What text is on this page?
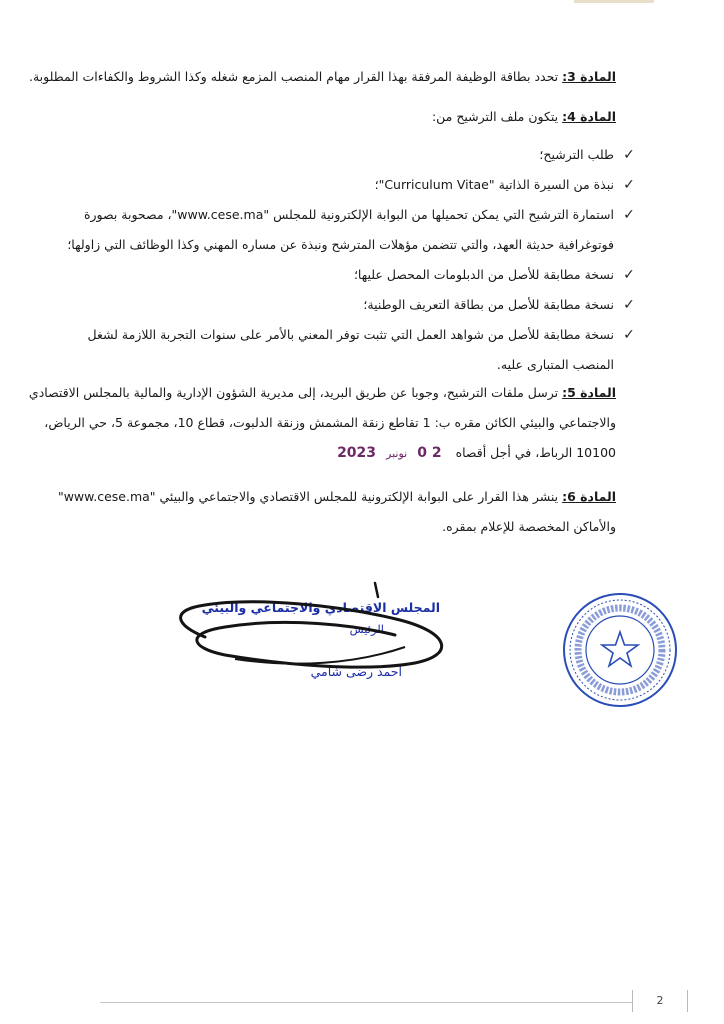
المادة 3: تحدد بطاقة الوظيفة المرفقة بهذا القرار مهام المنصب المزمع شغله وكذا الشروط والكفاءات المطلوبة.
المادة 4: يتكون ملف الترشيح من:
✓
طلب الترشيح؛
✓
نبذة من السيرة الذاتية "Curriculum Vitae"؛
✓
استمارة الترشيح التي يمكن تحميلها من البوابة الإلكترونية للمجلس "www.cese.ma"، مصحوبة بصورة
فوتوغرافية حديثة العهد، والتي تتضمن مؤهلات المترشح ونبذة عن مساره المهني وكذا الوظائف التي زاولها؛
✓
نسخة مطابقة للأصل من الدبلومات المحصل عليها؛
✓
نسخة مطابقة للأصل من بطاقة التعريف الوطنية؛
✓
نسخة مطابقة للأصل من شواهد العمل التي تثبت توفر المعني بالأمر على سنوات التجربة اللازمة لشغل
المنصب المتبارى عليه.
المادة 5: ترسل ملفات الترشيح، وجوبا عن طريق البريد، إلى مديرية الشؤون الإدارية والمالية بالمجلس الاقتصادي
والاجتماعي والبيئي الكائن مقره ب: 1 تقاطع زنقة المشمش وزنقة الدلبوت، قطاع 10، مجموعة 5، حي الرياض،
10100 الرباط، في أجل أقصاه 2 0 نونبر 2023
المادة 6: ينشر هذا القرار على البوابة الإلكترونية للمجلس الاقتصادي والاجتماعي والبيئي "www.cese.ma"
والأماكن المخصصة للإعلام بمقره.
المجلس الاقتصادي والاجتماعي والبيئي
الرئيس
أحمد رضى شامي
2
